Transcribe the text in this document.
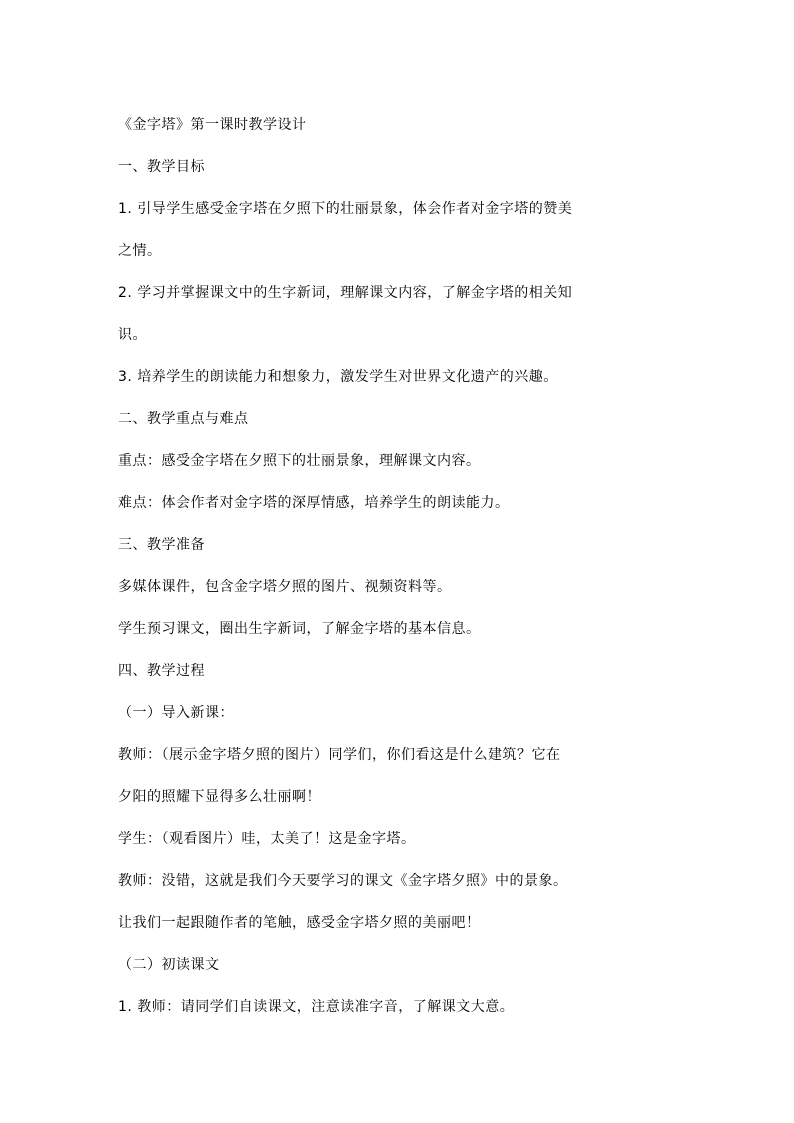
《金字塔》第一课时教学设计
一、教学目标
1. 引导学生感受金字塔在夕照下的壮丽景象，体会作者对金字塔的赞美
之情。
2. 学习并掌握课文中的生字新词，理解课文内容，了解金字塔的相关知
识。
3. 培养学生的朗读能力和想象力，激发学生对世界文化遗产的兴趣。
二、教学重点与难点
重点：感受金字塔在夕照下的壮丽景象，理解课文内容。
难点：体会作者对金字塔的深厚情感，培养学生的朗读能力。
三、教学准备
多媒体课件，包含金字塔夕照的图片、视频资料等。
学生预习课文，圈出生字新词，了解金字塔的基本信息。
四、教学过程
（一）导入新课：
教师：（展示金字塔夕照的图片）同学们，你们看这是什么建筑？它在
夕阳的照耀下显得多么壮丽啊！
学生：（观看图片）哇，太美了！这是金字塔。
教师：没错，这就是我们今天要学习的课文《金字塔夕照》中的景象。
让我们一起跟随作者的笔触，感受金字塔夕照的美丽吧！
（二）初读课文
1. 教师：请同学们自读课文，注意读准字音，了解课文大意。
